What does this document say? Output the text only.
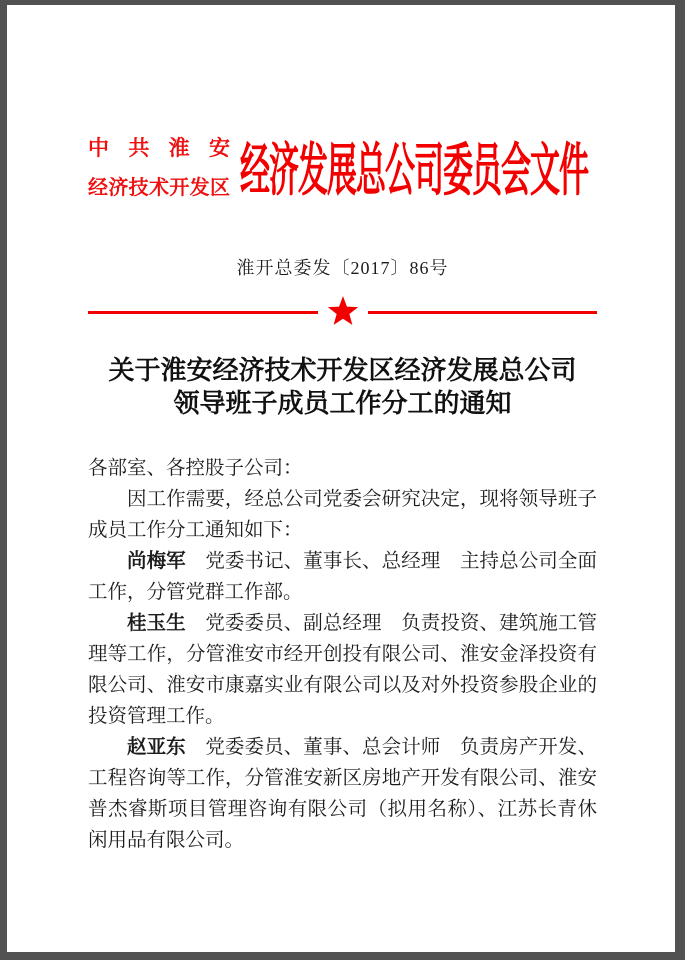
中共淮安
经济技术开发区 经济发展总公司委员会文件
淮开总委发〔2017〕86号
关于淮安经济技术开发区经济发展总公司
领导班子成员工作分工的通知

各部室、各控股子公司：

因工作需要，经总公司党委会研究决定，现将领导班子成员工作分工通知如下：

尚梅军 党委书记、董事长、总经理　主持总公司全面工作，分管党群工作部。

桂玉生 党委委员、副总经理　负责投资、建筑施工管理等工作，分管淮安市经开创投有限公司、淮安金泽投资有限公司、淮安市康嘉实业有限公司以及对外投资参股企业的投资管理工作。

赵亚东 党委委员、董事、总会计师　负责房产开发、工程咨询等工作，分管淮安新区房地产开发有限公司、淮安普杰睿斯项目管理咨询有限公司（拟用名称）、江苏长青休闲用品有限公司。
